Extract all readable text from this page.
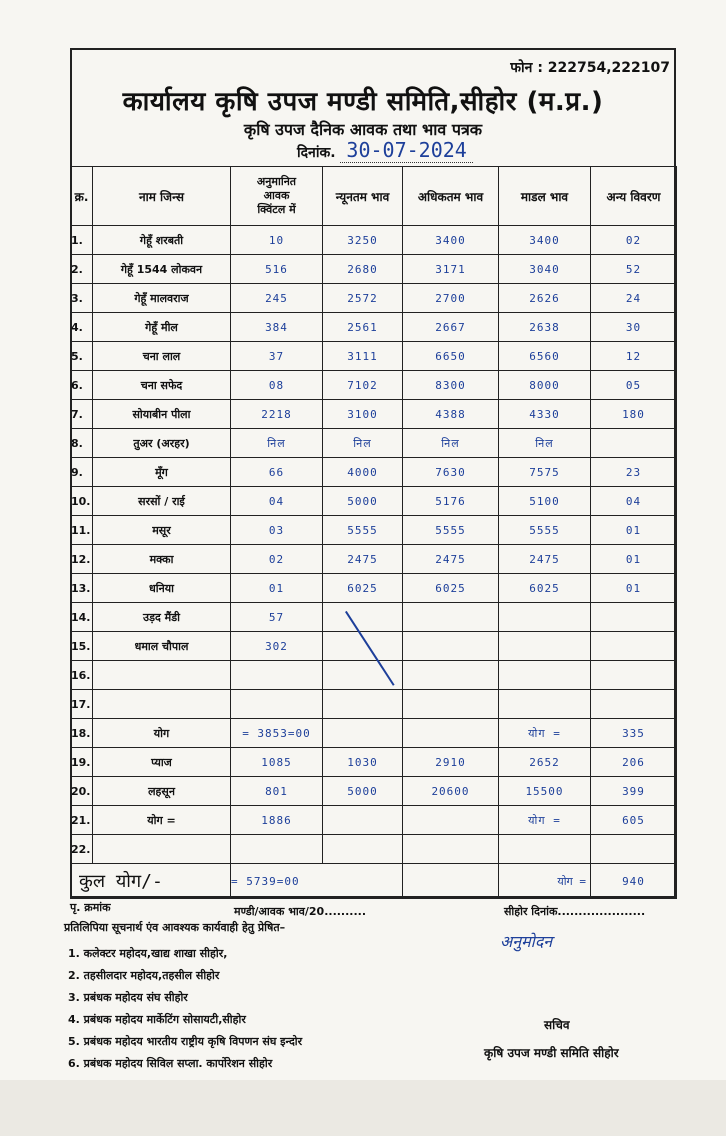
फोन : 222754,222107
कार्यालय कृषि उपज मण्डी समिति,सीहोर (म.प्र.)
कृषि उपज दैनिक आवक तथा भाव पत्रक
दिनांक. 30-07-2024
क्र.	नाम जिन्स	अनुमानित
आवक
क्विंटल में	न्यूनतम भाव	अधिकतम भाव	माडल भाव	अन्य विवरण
1.	गेहूँ शरबती	10	3250	3400	3400	02
2.	गेहूँ 1544 लोकवन	516	2680	3171	3040	52
3.	गेहूँ मालवराज	245	2572	2700	2626	24
4.	गेहूँ मील	384	2561	2667	2638	30
5.	चना लाल	37	3111	6650	6560	12
6.	चना सफेद	08	7102	8300	8000	05
7.	सोयाबीन पीला	2218	3100	4388	4330	180
8.	तुअर (अरहर)	निल	निल	निल	निल	
9.	मूँग	66	4000	7630	7575	23
10.	सरसों / राई	04	5000	5176	5100	04
11.	मसूर	03	5555	5555	5555	01
12.	मक्का	02	2475	2475	2475	01
13.	धनिया	01	6025	6025	6025	01
14.	उड़द मैंडी	57				
15.	धमाल चौपाल	302				
16.						
17.						
18.	योग	= 3853=00			योग =	335
19.	प्याज	1085	1030	2910	2652	206
20.	लहसून	801	5000	20600	15500	399
21.	योग =	1886			योग =	605
22.						
कुल योग/-		= 5739=00			योग =	940
पृ. क्रमांक	मण्डी/आवक भाव/20..........	सीहोर दिनांक.....................
प्रतिलिपिया सूचनार्थ एंव आवश्यक कार्यवाही हेतु प्रेषित–
1. कलेक्टर महोदय,खाद्य शाखा सीहोर,
2. तहसीलदार महोदय,तहसील सीहोर
3. प्रबंधक महोदय संघ सीहोर
4. प्रबंधक महोदय मार्केटिंग सोसायटी,सीहोर
5. प्रबंधक महोदय भारतीय राष्ट्रीय कृषि विपणन संघ इन्दोर
6. प्रबंधक महोदय सिविल सप्ला. कार्पोरेशन सीहोर
सचिव
कृषि उपज मण्डी समिति सीहोर
अनुमोदन
